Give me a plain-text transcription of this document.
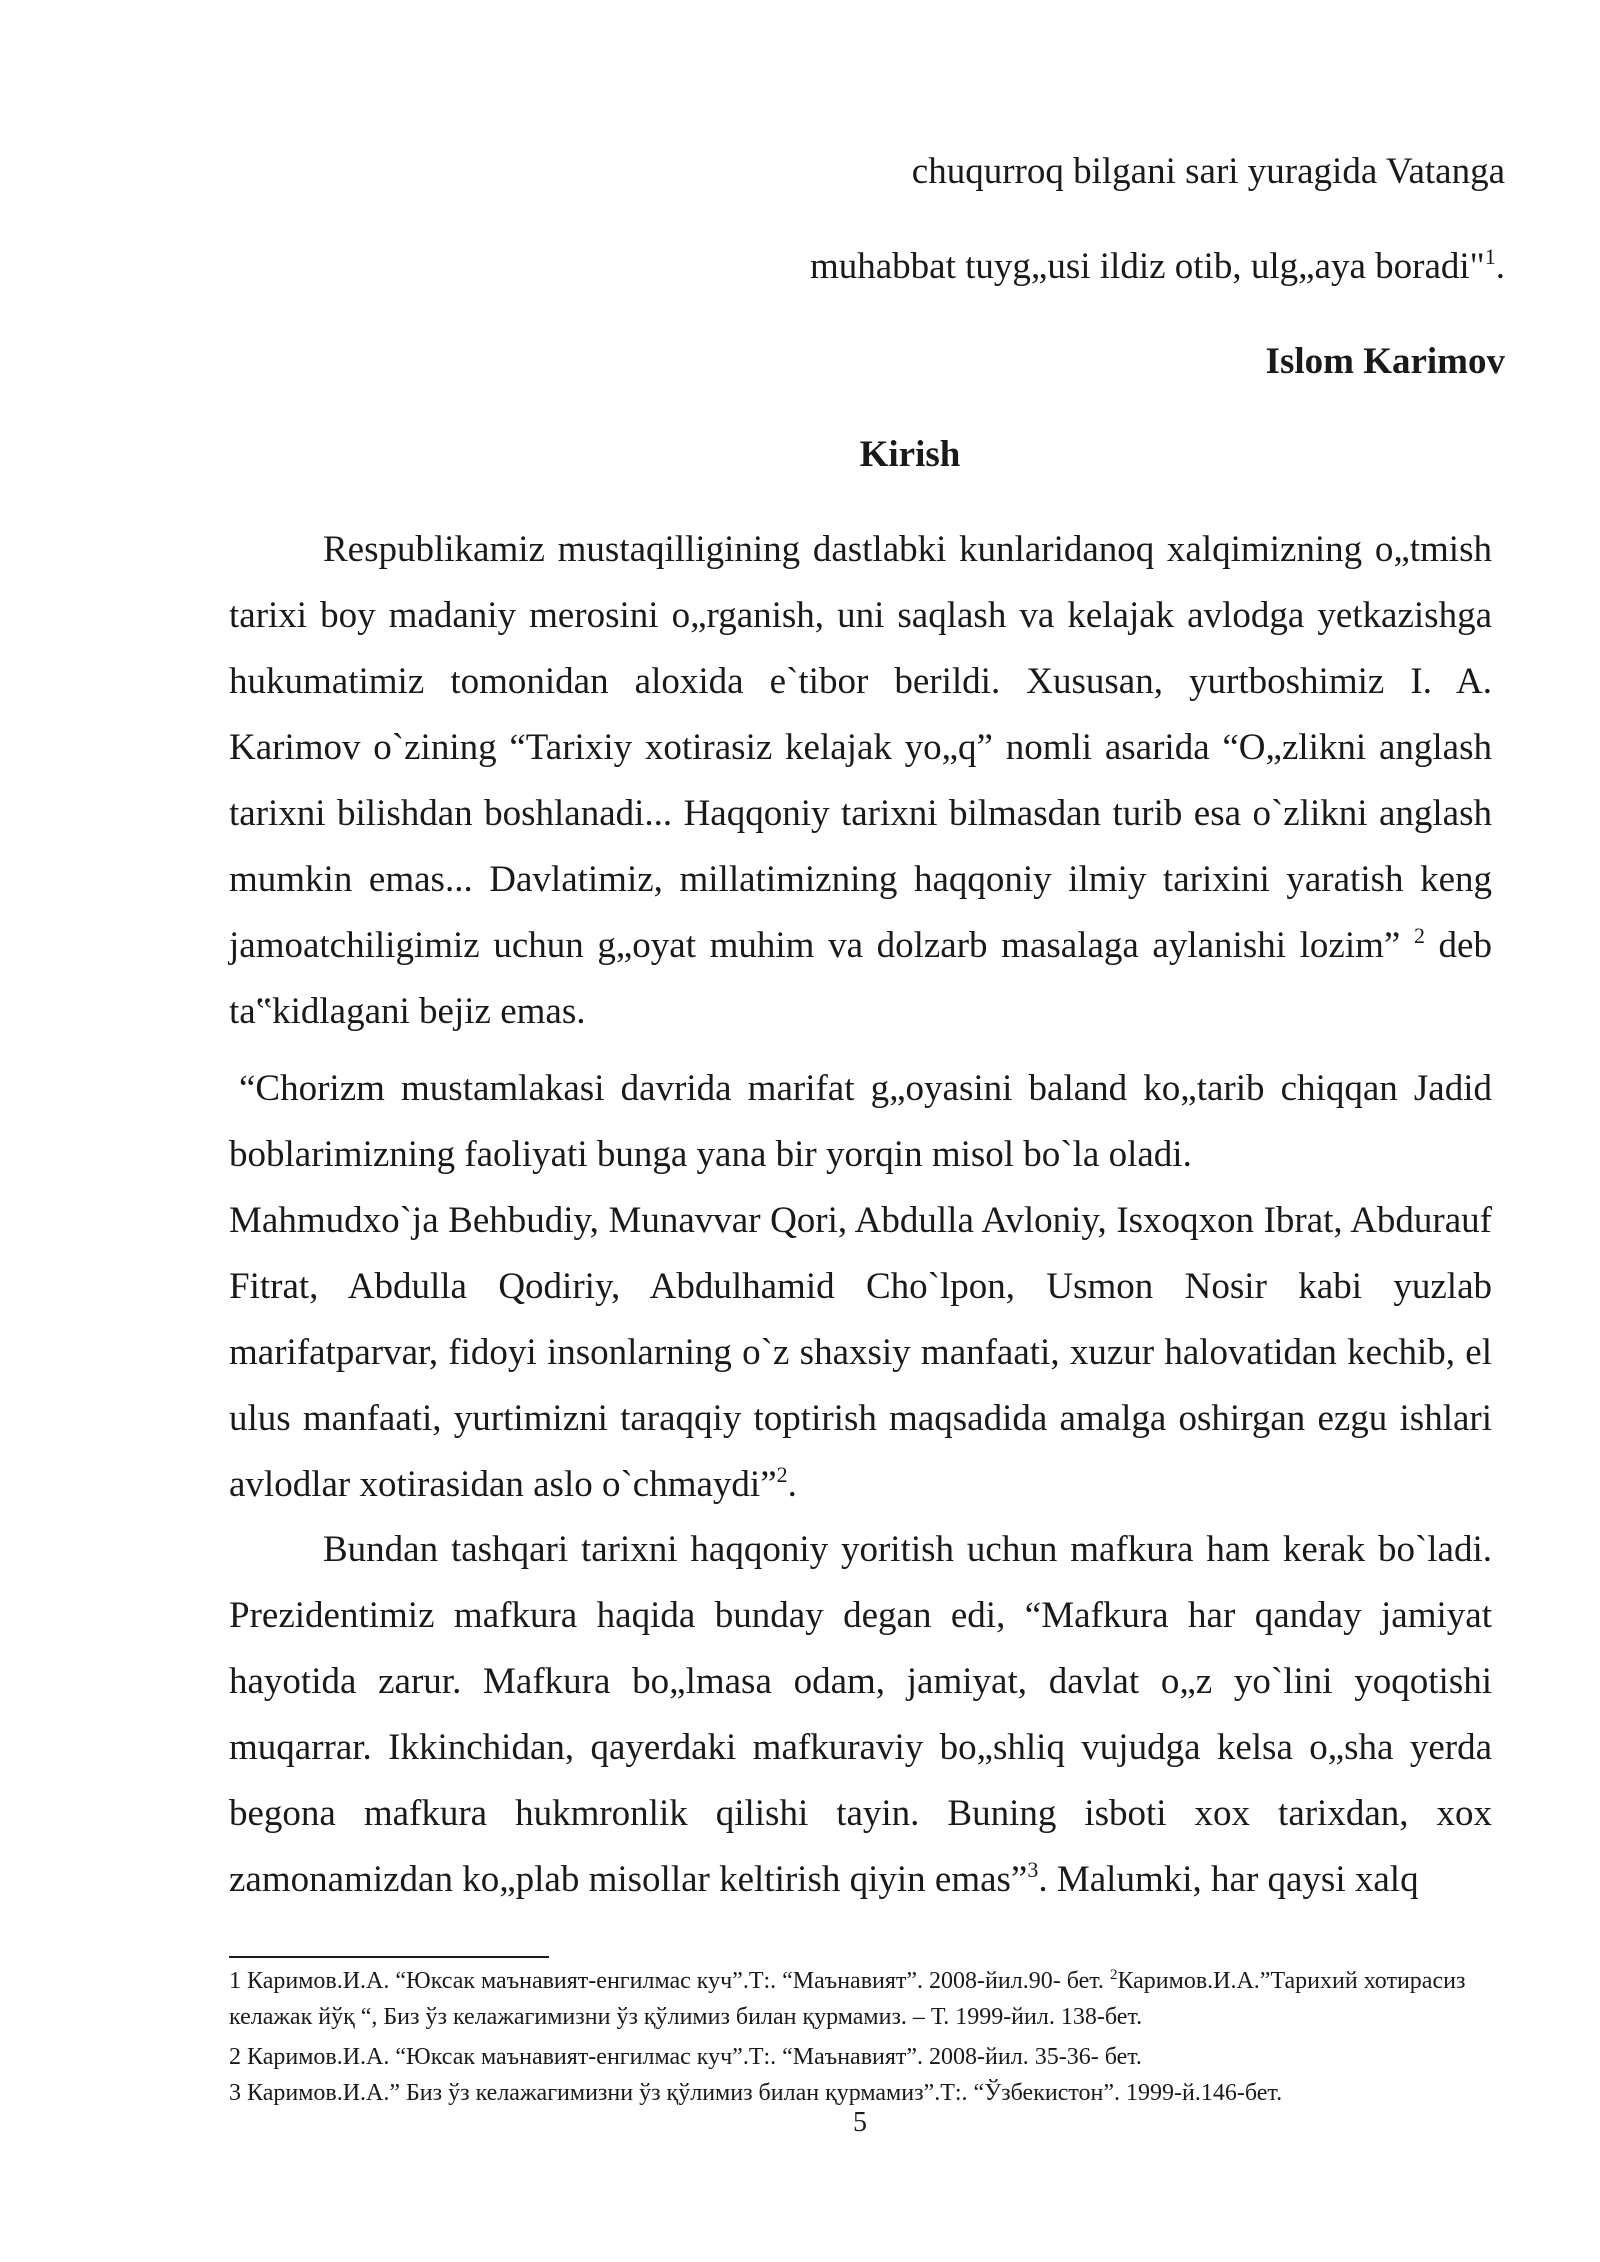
chuqurroq bilgani sari yuragida Vatanga
muhabbat tuyg„usi ildiz otib, ulg„aya boradi"$^1$.
Islom Karimov
Kirish

Respublikamiz mustaqilligining dastlabki kunlaridanoq xalqimizning o„tmish tarixi boy madaniy merosini o„rganish, uni saqlash va kelajak avlodga yetkazishga hukumatimiz tomonidan aloxida e`tibor berildi. Xususan, yurtboshimiz I. A. Karimov o`zining “Tarixiy xotirasiz kelajak yo„q” nomli asarida “O„zlikni anglash tarixni bilishdan boshlanadi... Haqqoniy tarixni bilmasdan turib esa o`zlikni anglash mumkin emas... Davlatimiz, millatimizning haqqoniy ilmiy tarixini yaratish keng jamoatchiligimiz uchun g„oyat muhim va dolzarb masalaga aylanishi lozim” $^2$ deb ta‟kidlagani bejiz emas.

“Chorizm mustamlakasi davrida marifat g„oyasini baland ko„tarib chiqqan Jadid boblarimizning faoliyati bunga yana bir yorqin misol bo`la oladi.

Mahmudxo`ja Behbudiy, Munavvar Qori, Abdulla Avloniy, Isxoqxon Ibrat, Abdurauf Fitrat, Abdulla Qodiriy, Abdulhamid Cho`lpon, Usmon Nosir kabi yuzlab marifatparvar, fidoyi insonlarning o`z shaxsiy manfaati, xuzur halovatidan kechib, el ulus manfaati, yurtimizni taraqqiy toptirish maqsadida amalga oshirgan ezgu ishlari avlodlar xotirasidan aslo o`chmaydi”$^2$.

Bundan tashqari tarixni haqqoniy yoritish uchun mafkura ham kerak bo`ladi. Prezidentimiz mafkura haqida bunday degan edi, “Mafkura har qanday jamiyat hayotida zarur. Mafkura bo„lmasa odam, jamiyat, davlat o„z yo`lini yoqotishi muqarrar. Ikkinchidan, qayerdaki mafkuraviy bo„shliq vujudga kelsa o„sha yerda begona mafkura hukmronlik qilishi tayin. Buning isboti xox tarixdan, xox zamonamizdan ko„plab misollar keltirish qiyin emas”$^3$. Malumki, har qaysi xalq

1 Каримов.И.А. “Юксак маънавият-енгилмас куч”.Т:. “Маънавият”. 2008-йил.90- бет. $^2$Каримов.И.А.”Тарихий хотирасиз келажак йўқ “, Биз ўз келажагимизни ўз қўлимиз билан қурмамиз. – Т. 1999-йил. 138-бет.

2 Каримов.И.А. “Юксак маънавият-енгилмас куч”.Т:. “Маънавият”. 2008-йил. 35-36- бет.

3 Каримов.И.А.” Биз ўз келажагимизни ўз қўлимиз билан қурмамиз”.Т:. “Ўзбекистон”. 1999-й.146-бет.

5
